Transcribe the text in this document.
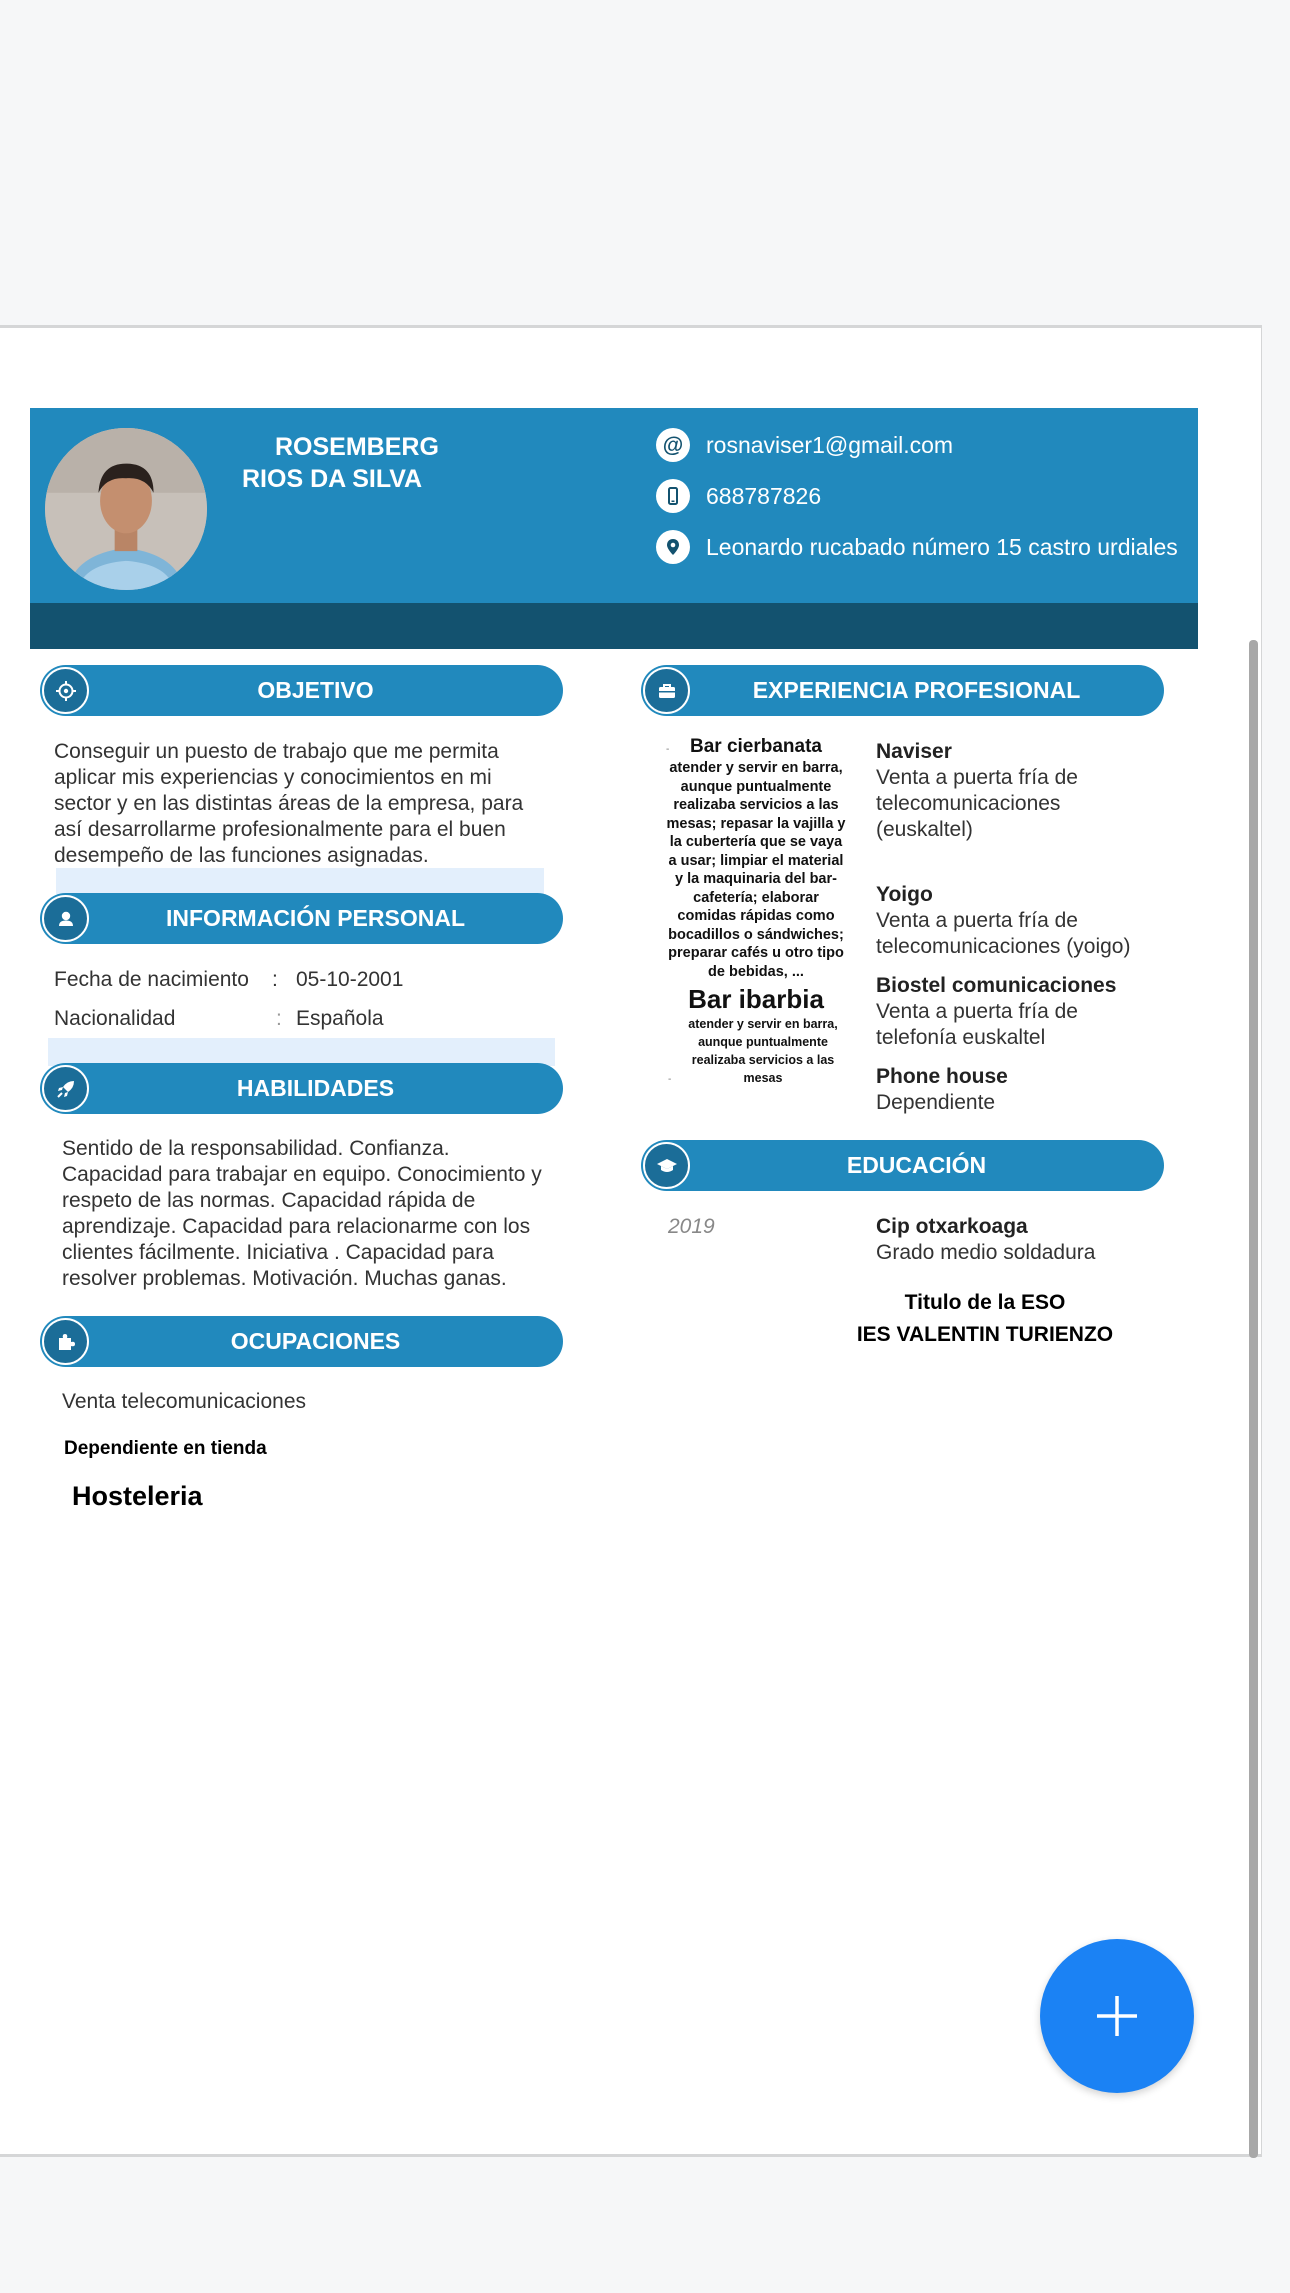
ROSEMBERG
RIOS DA SILVA
@ rosnaviser1@gmail.com
688787826
Leonardo rucabado número 15 castro urdiales
OBJETIVO
Conseguir un puesto de trabajo que me permita
aplicar mis experiencias y conocimientos en mi
sector y en las distintas áreas de la empresa, para
así desarrollarme profesionalmente para el buen
desempeño de las funciones asignadas.
INFORMACIÓN PERSONAL
Fecha de nacimiento : 05-10-2001
Nacionalidad	: Española
HABILIDADES
Sentido de la responsabilidad. Confianza.
Capacidad para trabajar en equipo. Conocimiento y
respeto de las normas. Capacidad rápida de
aprendizaje. Capacidad para relacionarme con los
clientes fácilmente. Iniciativa . Capacidad para
resolver problemas. Motivación. Muchas ganas.
OCUPACIONES
Venta telecomunicaciones
Dependiente en tienda
Hosteleria
EXPERIENCIA PROFESIONAL
-	Bar cierbanata
atender y servir en barra,
aunque puntualmente
realizaba servicios a las
mesas; repasar la vajilla y
la cubertería que se vaya
a usar; limpiar el material
y la maquinaria del bar-
cafetería; elaborar
comidas rápidas como
bocadillos o sándwiches;
preparar cafés u otro tipo
de bebidas, ...
Bar ibarbia
atender y servir en barra,
aunque puntualmente
realizaba servicios a las
mesas
-
Naviser
Venta a puerta fría de
telecomunicaciones
(euskaltel)
Yoigo
Venta a puerta fría de
telecomunicaciones (yoigo)
Biostel comunicaciones
Venta a puerta fría de
telefonía euskaltel
Phone house
Dependiente
EDUCACIÓN
2019	Cip otxarkoaga
Grado medio soldadura
Titulo de la ESO
IES VALENTIN TURIENZO
